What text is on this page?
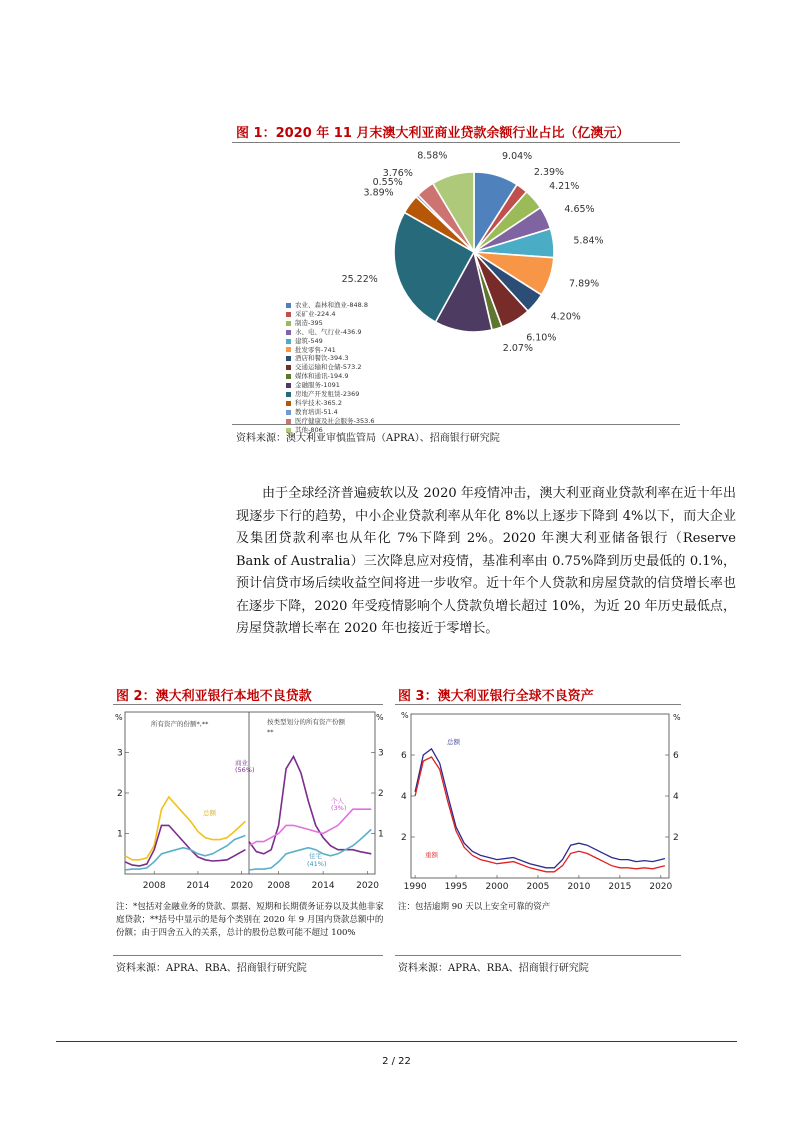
图 1：2020 年 11 月末澳大利亚商业贷款余额行业占比（亿澳元）
9.04%
2.39%
4.21%
4.65%
5.84%
7.89%
4.20%
6.10%
2.07%
25.22%
3.89%
0.55%
3.76%
8.58%
农业、森林和渔业-848.8
采矿业-224.4
制造-395
水、电、气行业-436.9
建筑-549
批发零售-741
酒店和餐饮-394.3
交通运输和仓储-573.2
媒体和通讯-194.9
金融服务-1091
房地产开发租赁-2369
科学技术-365.2
教育培训-51.4
医疗健康及社会服务-353.6
其他-806
资料来源：澳大利亚审慎监管局（APRA）、招商银行研究院
由于全球经济普遍疲软以及 2020 年疫情冲击，澳大利亚商业贷款利率在近十年出现逐步下行的趋势，中小企业贷款利率从年化 8%以上逐步下降到 4%以下，而大企业及集团贷款利率也从年化 7%下降到 2%。2020 年澳大利亚储备银行（Reserve Bank of Australia）三次降息应对疫情，基准利率由 0.75%降到历史最低的 0.1%，预计信贷市场后续收益空间将进一步收窄。近十年个人贷款和房屋贷款的信贷增长率也在逐步下降，2020 年受疫情影响个人贷款负增长超过 10%，为近 20 年历史最低点，房屋贷款增长率在 2020 年也接近于零增长。
图 2：澳大利亚银行本地不良贷款
%	%
1	1
2	2
3	3
2008 2014 2020 2008 2014 2020
所有资产的份额*,**	按类型划分的所有资产份额
**
总额
商业
(56%)
个人
(3%)
住宅
(41%)
注：*包括对金融业务的贷款、票据、短期和长期债务证券以及其他非家庭贷款；**括号中显示的是每个类别在 2020 年 9 月国内贷款总额中的份额；由于四舍五入的关系，总计的股份总数可能不超过 100%
资料来源：APRA、RBA、招商银行研究院
图 3：澳大利亚银行全球不良资产
%	%
2	2
4	4
6	6
1990 1995 2000 2005 2010 2015 2020
总额
重额
注：包括逾期 90 天以上安全可靠的资产
资料来源：APRA、RBA、招商银行研究院
2 / 22
